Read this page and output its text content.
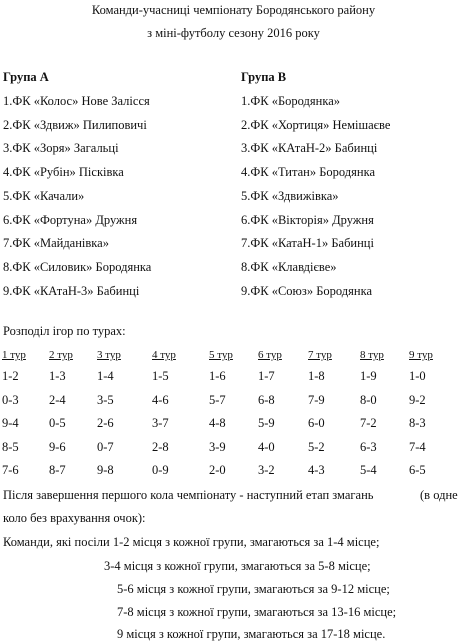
Команди-учасниці чемпіонату Бородянського району
з міні-футболу сезону 2016 року
Група А	Група В
1.ФК «Колос» Нове Залісся
2.ФК «Здвиж» Пилиповичі
3.ФК «Зоря» Загальці
4.ФК «Рубін» Пісківка
5.ФК «Качали»
6.ФК «Фортуна» Дружня
7.ФК «Майданівка»
8.ФК «Силовик» Бородянка
9.ФК «КАтаН-3» Бабинці
1.ФК «Бородянка»
2.ФК «Хортиця» Немішаєве
3.ФК «КАтаН-2» Бабинці
4.ФК «Титан» Бородянка
5.ФК «Здвижівка»
6.ФК «Вікторія» Дружня
7.ФК «КатаН-1» Бабинці
8.ФК «Клавдієве»
9.ФК «Союз» Бородянка
Розподіл ігор по турах:
1 тур
1-2
0-3
9-4
8-5
7-6
2 тур
1-3
2-4
0-5
9-6
8-7
3 тур
1-4
3-5
2-6
0-7
9-8
4 тур
1-5
4-6
3-7
2-8
0-9
5 тур
1-6
5-7
4-8
3-9
2-0
6 тур
1-7
6-8
5-9
4-0
3-2
7 тур
1-8
7-9
6-0
5-2
4-3
8 тур
1-9
8-0
7-2
6-3
5-4
9 тур
1-0
9-2
8-3
7-4
6-5
Після завершення першого кола чемпіонату - наступний етап змагань	(в одне
коло без врахування очок):
Команди, які посіли 1-2 місця з кожної групи, змагаються за 1-4 місце;
3-4 місця з кожної групи, змагаються за 5-8 місце;
5-6 місця з кожної групи, змагаються за 9-12 місце;
7-8 місця з кожної групи, змагаються за 13-16 місце;
9 місця з кожної групи, змагаються за 17-18 місце.
